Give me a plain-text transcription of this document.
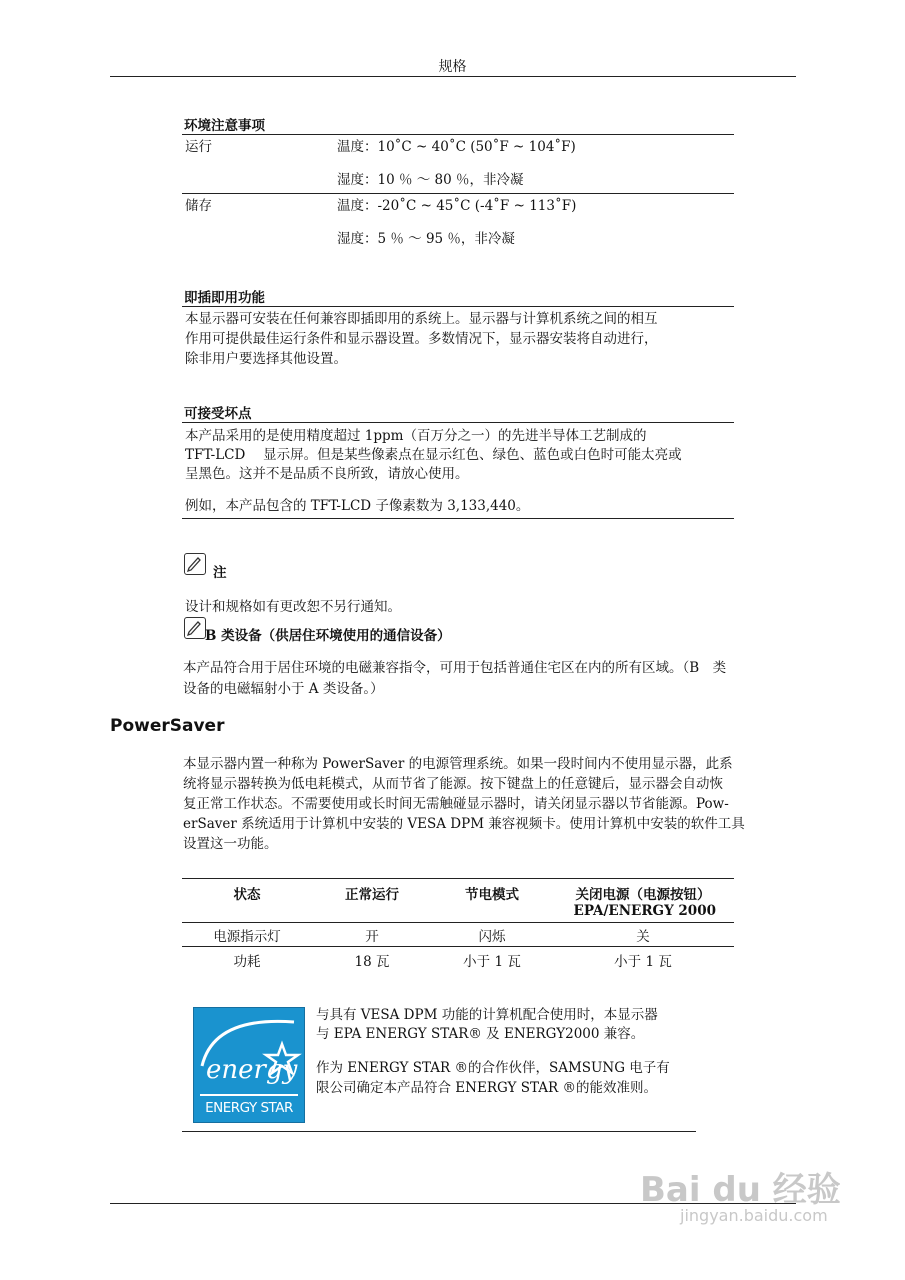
规格
环境注意事项
运行	温度：10˚C ~ 40˚C (50˚F ~ 104˚F)
湿度：10 ％ ～ 80 ％，非冷凝
储存	温度：-20˚C ~ 45˚C (-4˚F ~ 113˚F)
湿度：5 ％ ～ 95 ％，非冷凝
即插即用功能
本显示器可安装在任何兼容即插即用的系统上。显示器与计算机系统之间的相互
作用可提供最佳运行条件和显示器设置。多数情况下，显示器安装将自动进行，
除非用户要选择其他设置。
可接受坏点
本产品采用的是使用精度超过 1ppm（百万分之一）的先进半导体工艺制成的
TFT-LCD 　显示屏。但是某些像素点在显示红色、绿色、蓝色或白色时可能太亮或
呈黑色。这并不是品质不良所致，请放心使用。
例如，本产品包含的 TFT-LCD 子像素数为 3,133,440。
注
设计和规格如有更改恕不另行通知。
B 类设备（供居住环境使用的通信设备）
本产品符合用于居住环境的电磁兼容指令，可用于包括普通住宅区在内的所有区域。（B　类
设备的电磁辐射小于 A 类设备。）
PowerSaver
本显示器内置一种称为 PowerSaver 的电源管理系统。如果一段时间内不使用显示器，此系
统将显示器转换为低电耗模式，从而节省了能源。按下键盘上的任意键后，显示器会自动恢
复正常工作状态。不需要使用或长时间无需触碰显示器时，请关闭显示器以节省能源。Pow-
erSaver 系统适用于计算机中安装的 VESA DPM 兼容视频卡。使用计算机中安装的软件工具
设置这一功能。
状态	正常运行	节电模式	关闭电源（电源按钮）
EPA/ENERGY 2000
电源指示灯	开	闪烁	关
功耗	18 瓦	小于 1 瓦	小于 1 瓦
energy
ENERGY STAR
与具有 VESA DPM 功能的计算机配合使用时，本显示器
与 EPA ENERGY STAR® 及 ENERGY2000 兼容。
作为 ENERGY STAR ®的合作伙伴，SAMSUNG 电子有
限公司确定本产品符合 ENERGY STAR ®的能效准则。
Bai du 经验
jingyan.baidu.com
